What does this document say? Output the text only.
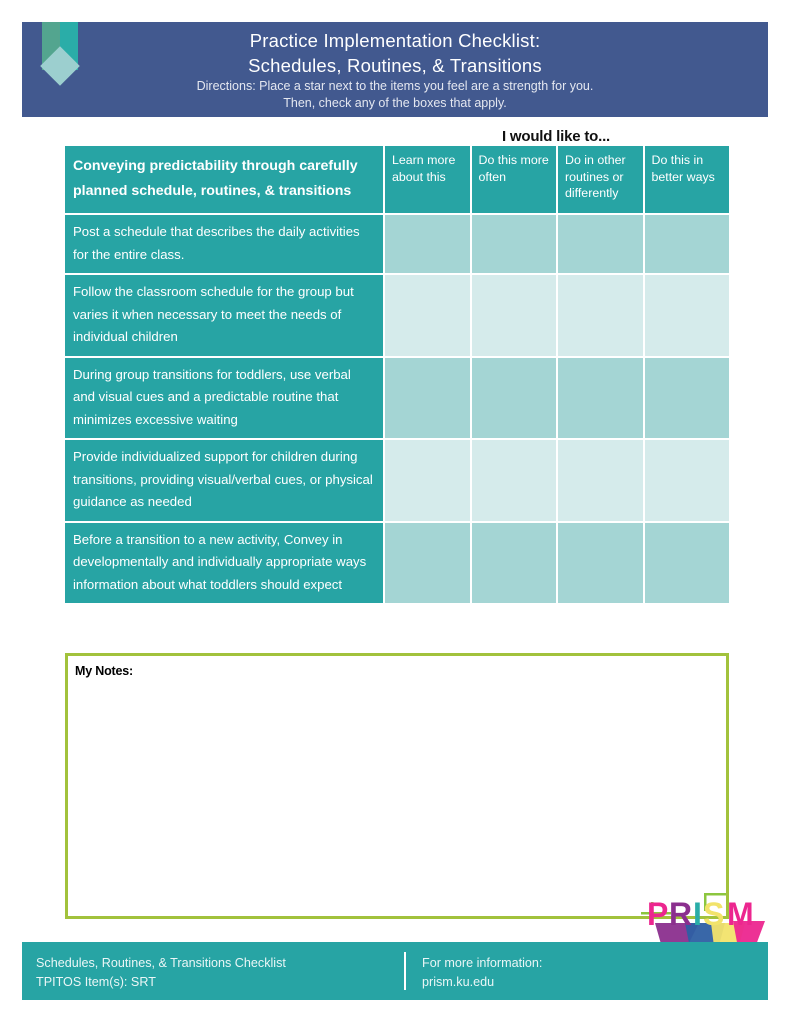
Practice Implementation Checklist:
Schedules, Routines, & Transitions
Directions: Place a star next to the items you feel are a strength for you.
Then, check any of the boxes that apply.
I would like to...
Conveying predictability through carefully planned schedule, routines, & transitions
Learn more about this
Do this more often
Do in other routines or differently
Do this in better ways
Post a schedule that describes the daily activities for the entire class.
Follow the classroom schedule for the group but varies it when necessary to meet the needs of individual children
During group transitions for toddlers, use verbal and visual cues and a predictable routine that minimizes excessive waiting
Provide individualized support for children during transitions, providing visual/verbal cues, or physical guidance as needed
Before a transition to a new activity, Convey in developmentally and individually appropriate ways information about what toddlers should expect
My Notes:
P R I S M
Schedules, Routines, & Transitions Checklist
TPITOS Item(s): SRT
For more information:
prism.ku.edu
